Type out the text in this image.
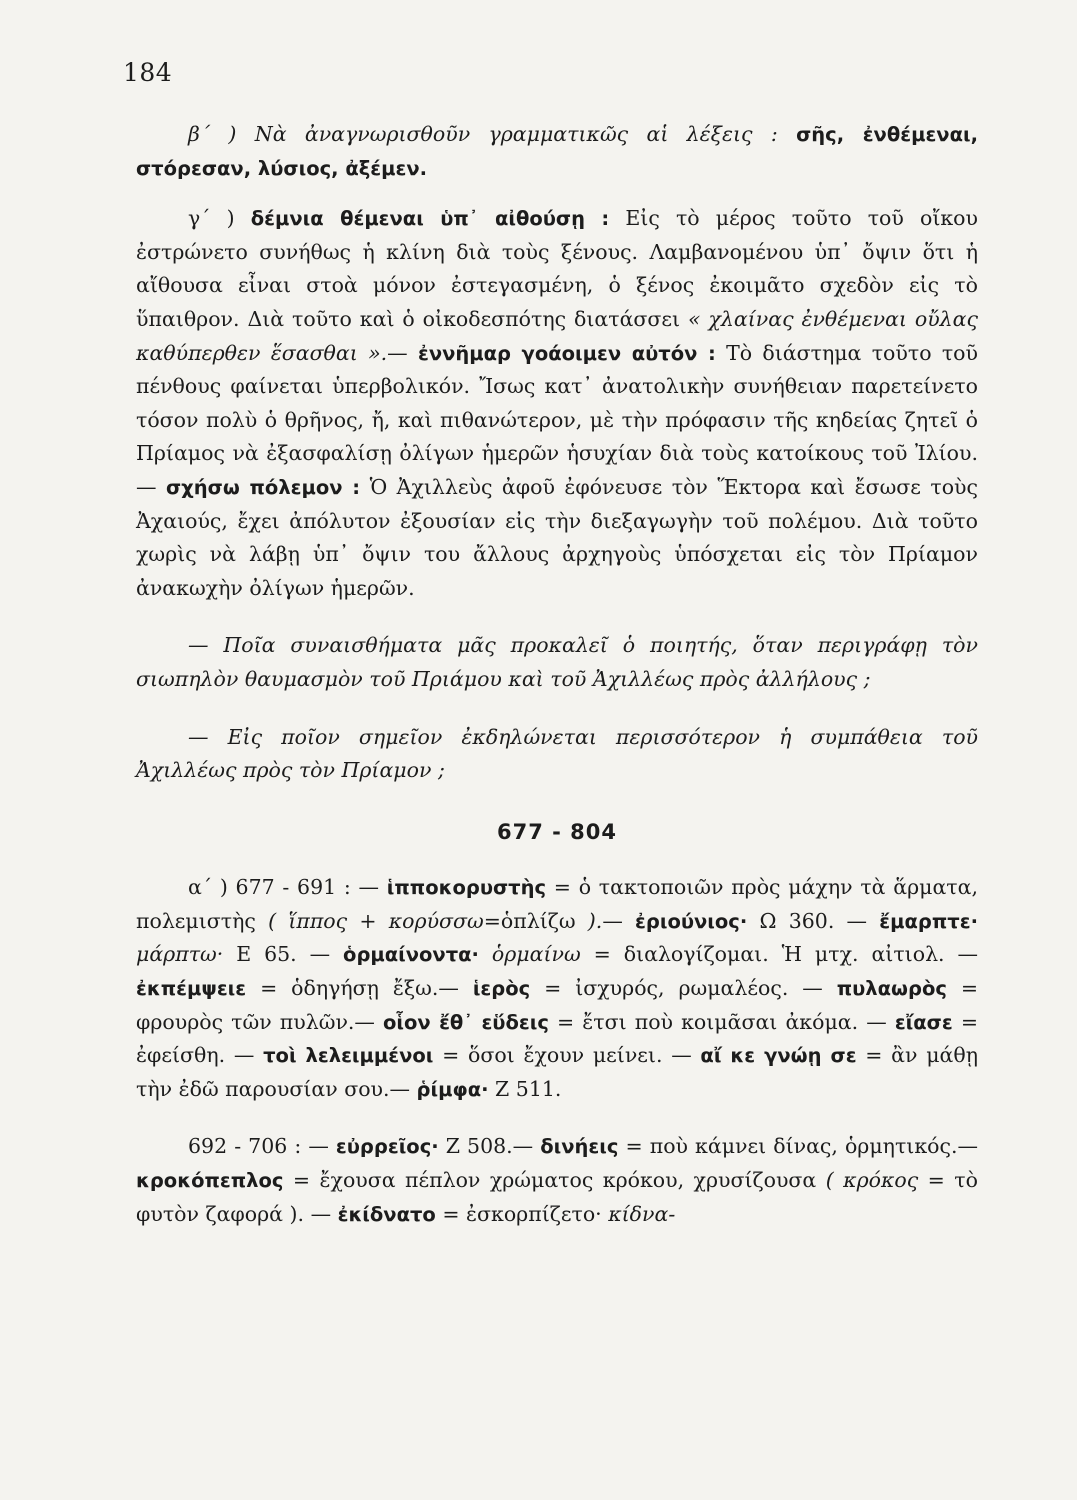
184

β΄ ) Νὰ ἀναγνωρισθοῦν γραμματικῶς αἱ λέξεις : σῆς, ἐνθέμεναι, στόρεσαν, λύσιος, ἀξέμεν.

γ΄ ) δέμνια θέμεναι ὑπ᾽ αἰθούσῃ : Εἰς τὸ μέρος τοῦτο τοῦ οἴκου ἐστρώνετο συνήθως ἡ κλίνη διὰ τοὺς ξένους. Λαμβανομένου ὑπ᾽ ὄψιν ὅτι ἡ αἴθουσα εἶναι στοὰ μόνον ἐστεγασμένη, ὁ ξένος ἐκοιμᾶτο σχεδὸν εἰς τὸ ὕπαιθρον. Διὰ τοῦτο καὶ ὁ οἰκοδεσπότης διατάσσει « χλαίνας ἐνθέμεναι οὔλας καθύπερθεν ἕσασθαι ».— ἐννῆμαρ γοάοιμεν αὐτόν : Τὸ διάστημα τοῦτο τοῦ πένθους φαίνεται ὑπερβολικόν. Ἴσως κατ᾽ ἀνατολικὴν συνήθειαν παρετείνετο τόσον πολὺ ὁ θρῆνος, ἤ, καὶ πιθανώτερον, μὲ τὴν πρόφασιν τῆς κηδείας ζητεῖ ὁ Πρίαμος νὰ ἐξασφαλίσῃ ὀλίγων ἡμερῶν ἡσυχίαν διὰ τοὺς κατοίκους τοῦ Ἰλίου.— σχήσω πόλεμον : Ὁ Ἀχιλλεὺς ἀφοῦ ἐφόνευσε τὸν Ἕκτορα καὶ ἔσωσε τοὺς Ἀχαιούς, ἔχει ἀπόλυτον ἐξουσίαν εἰς τὴν διεξαγωγὴν τοῦ πολέμου. Διὰ τοῦτο χωρὶς νὰ λάβῃ ὑπ᾽ ὄψιν του ἄλλους ἀρχηγοὺς ὑπόσχεται εἰς τὸν Πρίαμον ἀνακωχὴν ὀλίγων ἡμερῶν.

— Ποῖα συναισθήματα μᾶς προκαλεῖ ὁ ποιητής, ὅταν περιγράφῃ τὸν σιωπηλὸν θαυμασμὸν τοῦ Πριάμου καὶ τοῦ Ἀχιλλέως πρὸς ἀλλήλους ;

— Εἰς ποῖον σημεῖον ἐκδηλώνεται περισσότερον ἡ συμπάθεια τοῦ Ἀχιλλέως πρὸς τὸν Πρίαμον ;

677 - 804

α΄ ) 677 - 691 : — ἱπποκορυστὴς = ὁ τακτοποιῶν πρὸς μάχην τὰ ἅρματα, πολεμιστὴς ( ἵππος + κορύσσω=ὁπλίζω ).— ἐριούνιος· Ω 360. — ἔμαρπτε· μάρπτω· Ε 65. — ὁρμαίνοντα· ὁρμαίνω = διαλογίζομαι. Ἡ μτχ. αἰτιολ. — ἐκπέμψειε = ὁδηγήσῃ ἔξω.— ἱερὸς = ἰσχυρός, ρωμαλέος. — πυλαωρὸς = φρουρὸς τῶν πυλῶν.— οἷον ἔθ᾽ εὕδεις = ἔτσι ποὺ κοιμᾶσαι ἀκόμα. — εἴασε = ἐφείσθη. — τοὶ λελειμμένοι = ὅσοι ἔχουν μείνει. — αἴ κε γνώῃ σε = ἂν μάθῃ τὴν ἐδῶ παρουσίαν σου.— ῥίμφα· Ζ 511.

692 - 706 : — εὐρρεῖος· Ζ 508.— δινήεις = ποὺ κάμνει δίνας, ὁρμητικός.— κροκόπεπλος = ἔχουσα πέπλον χρώματος κρόκου, χρυσίζουσα ( κρόκος = τὸ φυτὸν ζαφορά ). — ἐκίδνατο = ἐσκορπίζετο· κίδνα-
